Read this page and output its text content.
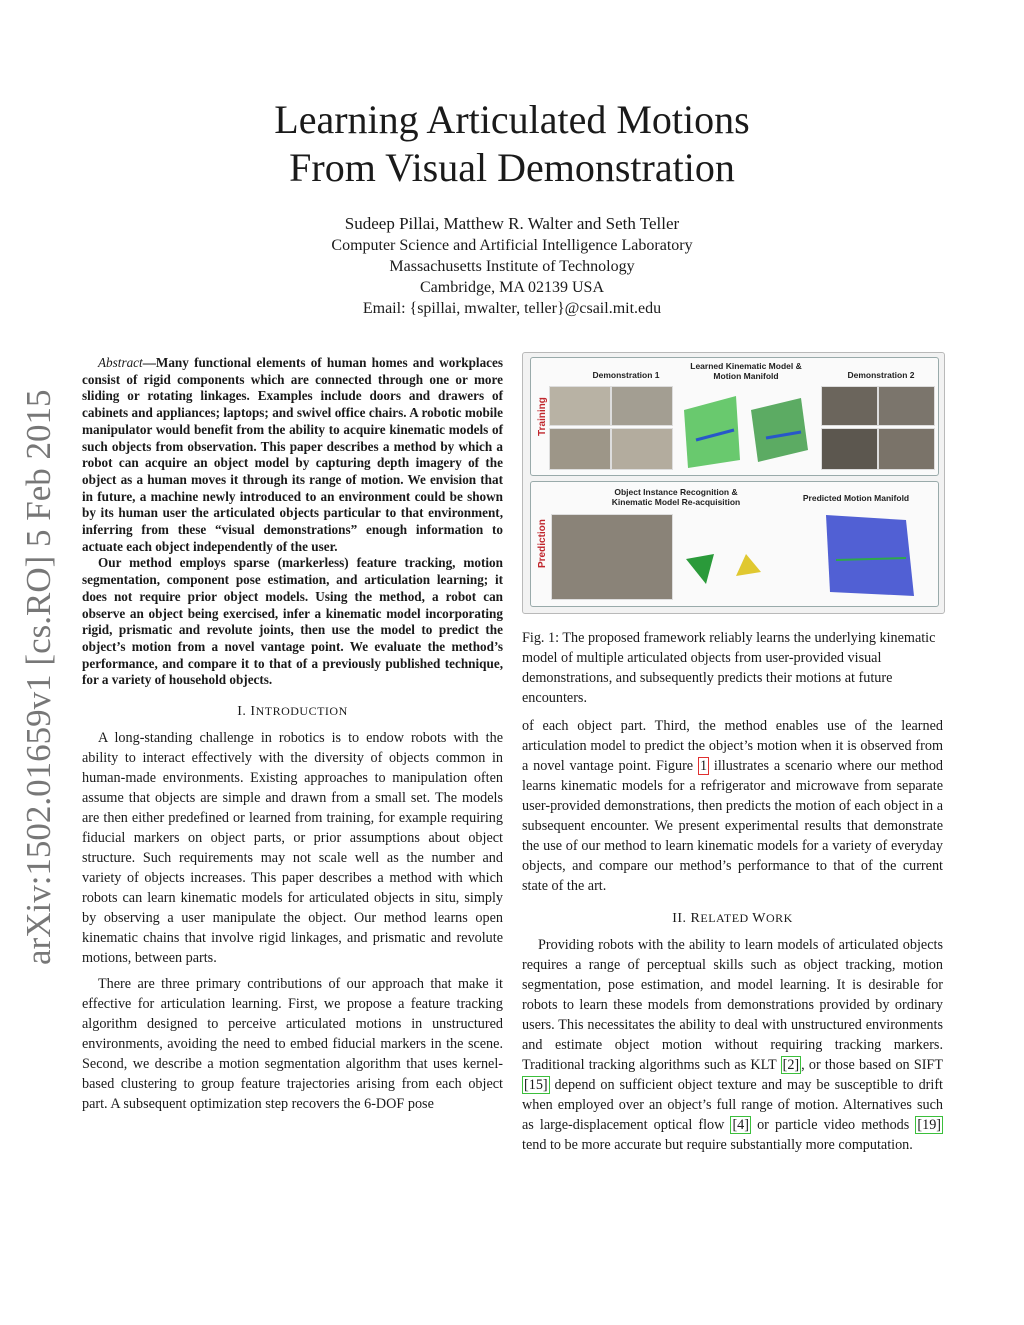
arXiv:1502.01659v1 [cs.RO] 5 Feb 2015
Learning Articulated Motions
From Visual Demonstration
Sudeep Pillai, Matthew R. Walter and Seth Teller
Computer Science and Artificial Intelligence Laboratory
Massachusetts Institute of Technology
Cambridge, MA 02139 USA
Email: {spillai, mwalter, teller}@csail.mit.edu

Abstract—Many functional elements of human homes and workplaces consist of rigid components which are connected through one or more sliding or rotating linkages. Examples include doors and drawers of cabinets and appliances; laptops; and swivel office chairs. A robotic mobile manipulator would benefit from the ability to acquire kinematic models of such objects from observation. This paper describes a method by which a robot can acquire an object model by capturing depth imagery of the object as a human moves it through its range of motion. We envision that in future, a machine newly introduced to an environment could be shown by its human user the articulated objects particular to that environment, inferring from these “visual demonstrations” enough information to actuate each object independently of the user.

Our method employs sparse (markerless) feature tracking, motion segmentation, component pose estimation, and articulation learning; it does not require prior object models. Using the method, a robot can observe an object being exercised, infer a kinematic model incorporating rigid, prismatic and revolute joints, then use the model to predict the object’s motion from a novel vantage point. We evaluate the method’s performance, and compare it to that of a previously published technique, for a variety of household objects.

I. INTRODUCTION

A long-standing challenge in robotics is to endow robots with the ability to interact effectively with the diversity of objects common in human-made environments. Existing approaches to manipulation often assume that objects are simple and drawn from a small set. The models are then either predefined or learned from training, for example requiring fiducial markers on object parts, or prior assumptions about object structure. Such requirements may not scale well as the number and variety of objects increases. This paper describes a method with which robots can learn kinematic models for articulated objects in situ, simply by observing a user manipulate the object. Our method learns open kinematic chains that involve rigid linkages, and prismatic and revolute motions, between parts.

There are three primary contributions of our approach that make it effective for articulation learning. First, we propose a feature tracking algorithm designed to perceive articulated motions in unstructured environments, avoiding the need to embed fiducial markers in the scene. Second, we describe a motion segmentation algorithm that uses kernel-based clustering to group feature trajectories arising from each object part. A subsequent optimization step recovers the 6-DOF pose

Training
Demonstration 1
Learned Kinematic Model &
Motion Manifold	Demonstration 2
Prediction
Object Instance Recognition &
Kinematic Model Re-acquisition	Predicted Motion Manifold

Fig. 1: The proposed framework reliably learns the underlying kinematic model of multiple articulated objects from user-provided visual demonstrations, and subsequently predicts their motions at future encounters.

of each object part. Third, the method enables use of the learned articulation model to predict the object’s motion when it is observed from a novel vantage point. Figure 1 illustrates a scenario where our method learns kinematic models for a refrigerator and microwave from separate user-provided demonstrations, then predicts the motion of each object in a subsequent encounter. We present experimental results that demonstrate the use of our method to learn kinematic models for a variety of everyday objects, and compare our method’s performance to that of the current state of the art.

II. RELATED WORK

Providing robots with the ability to learn models of articulated objects requires a range of perceptual skills such as object tracking, motion segmentation, pose estimation, and model learning. It is desirable for robots to learn these models from demonstrations provided by ordinary users. This necessitates the ability to deal with unstructured environments and estimate object motion without requiring tracking markers. Traditional tracking algorithms such as KLT [2] , or those based on SIFT [15] depend on sufficient object texture and may be susceptible to drift when employed over an object’s full range of motion. Alternatives such as large-displacement optical flow [4] or particle video methods [19] tend to be more accurate but require substantially more computation.
